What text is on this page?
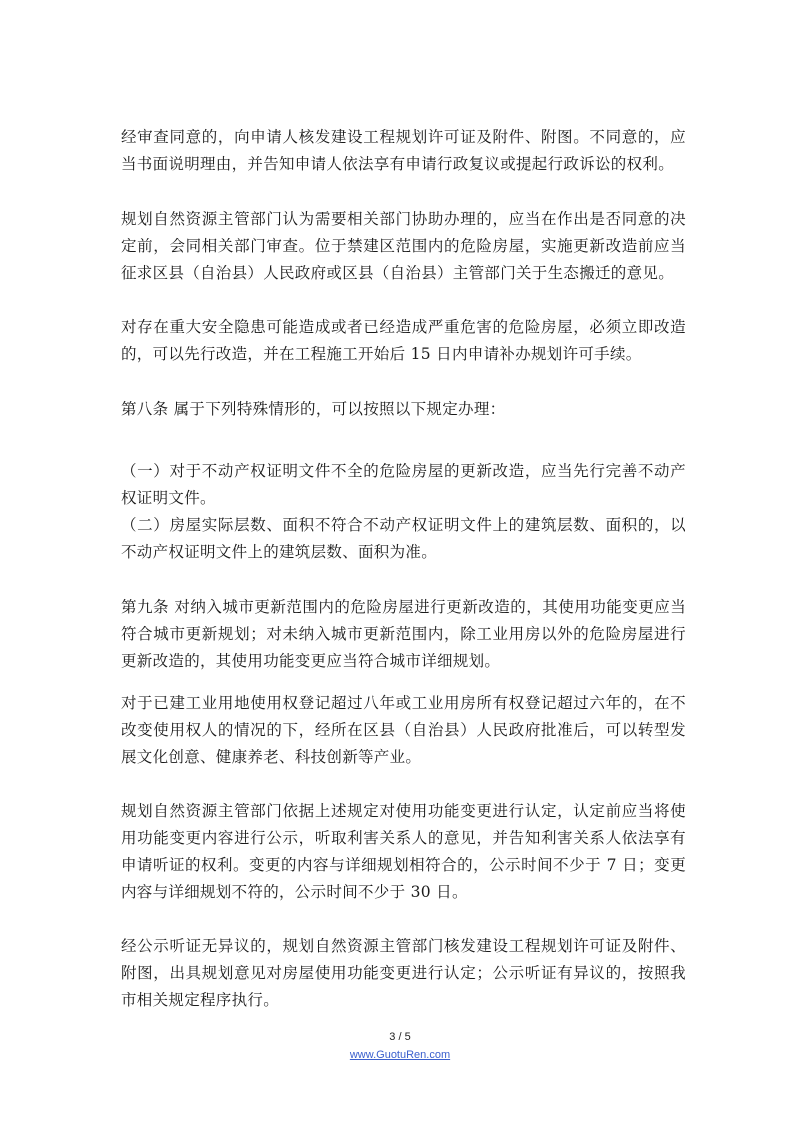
经审查同意的，向申请人核发建设工程规划许可证及附件、附图。不同意的，应当书面说明理由，并告知申请人依法享有申请行政复议或提起行政诉讼的权利。

规划自然资源主管部门认为需要相关部门协助办理的，应当在作出是否同意的决定前，会同相关部门审查。位于禁建区范围内的危险房屋，实施更新改造前应当征求区县（自治县）人民政府或区县（自治县）主管部门关于生态搬迁的意见。

对存在重大安全隐患可能造成或者已经造成严重危害的危险房屋，必须立即改造的，可以先行改造，并在工程施工开始后 15 日内申请补办规划许可手续。

第八条 属于下列特殊情形的，可以按照以下规定办理：

（一）对于不动产权证明文件不全的危险房屋的更新改造，应当先行完善不动产权证明文件。

（二）房屋实际层数、面积不符合不动产权证明文件上的建筑层数、面积的，以不动产权证明文件上的建筑层数、面积为准。

第九条 对纳入城市更新范围内的危险房屋进行更新改造的，其使用功能变更应当符合城市更新规划；对未纳入城市更新范围内，除工业用房以外的危险房屋进行更新改造的，其使用功能变更应当符合城市详细规划。

对于已建工业用地使用权登记超过八年或工业用房所有权登记超过六年的，在不改变使用权人的情况的下，经所在区县（自治县）人民政府批准后，可以转型发展文化创意、健康养老、科技创新等产业。

规划自然资源主管部门依据上述规定对使用功能变更进行认定，认定前应当将使用功能变更内容进行公示，听取利害关系人的意见，并告知利害关系人依法享有申请听证的权利。变更的内容与详细规划相符合的，公示时间不少于 7 日；变更内容与详细规划不符的，公示时间不少于 30 日。

经公示听证无异议的，规划自然资源主管部门核发建设工程规划许可证及附件、附图，出具规划意见对房屋使用功能变更进行认定；公示听证有异议的，按照我市相关规定程序执行。

3 / 5
www.GuotuRen.com
